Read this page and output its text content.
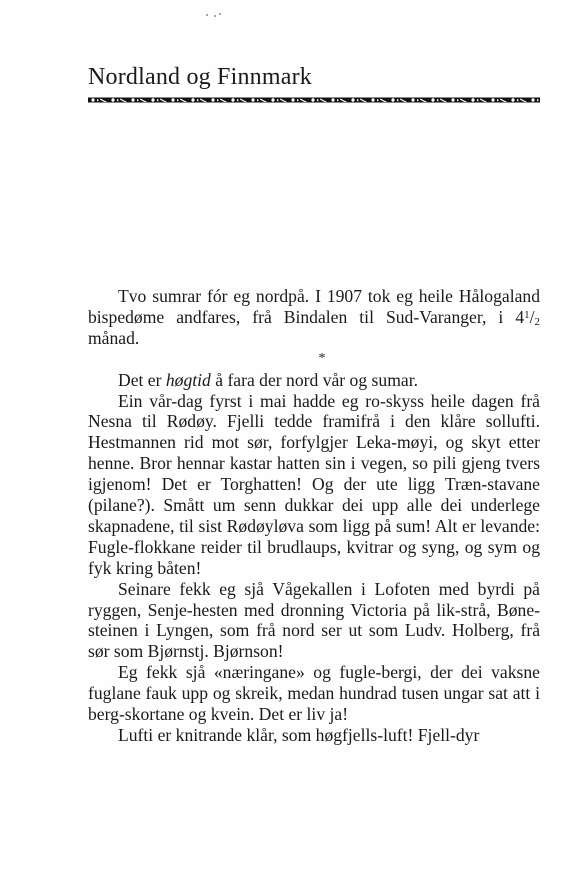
Nordland og Finnmark

Tvo sumrar fór eg nordpå. I 1907 tok eg heile Hålogaland bispedøme andfares, frå Bindalen til Sud-Varanger, i $4^1/_2$ månad.

*

Det er høgtid å fara der nord vår og sumar.

Ein vår-dag fyrst i mai hadde eg ro-skyss heile dagen frå Nesna til Rødøy. Fjelli tedde framifrå i den klåre sollufti. Hestmannen rid mot sør, forfylgjer Leka-møyi, og skyt etter henne. Bror hennar kastar hatten sin i vegen, so pili gjeng tvers igjenom! Det er Torghatten! Og der ute ligg Træn-stavane (pilane?). Smått um senn dukkar dei upp alle dei underlege skapnadene, til sist Rødøyløva som ligg på sum! Alt er levande: Fugle-flokkane reider til brudlaups, kvitrar og syng, og sym og fyk kring båten!

Seinare fekk eg sjå Vågekallen i Lofoten med byrdi på ryggen, Senje-hesten med dronning Victoria på lik-strå, Bøne-steinen i Lyngen, som frå nord ser ut som Ludv. Holberg, frå sør som Bjørnstj. Bjørnson!

Eg fekk sjå «næringane» og fugle-bergi, der dei vaksne fuglane fauk upp og skreik, medan hundrad tusen ungar sat att i berg-skortane og kvein. Det er liv ja!

Lufti er knitrande klår, som høgfjells-luft! Fjell-dyr
